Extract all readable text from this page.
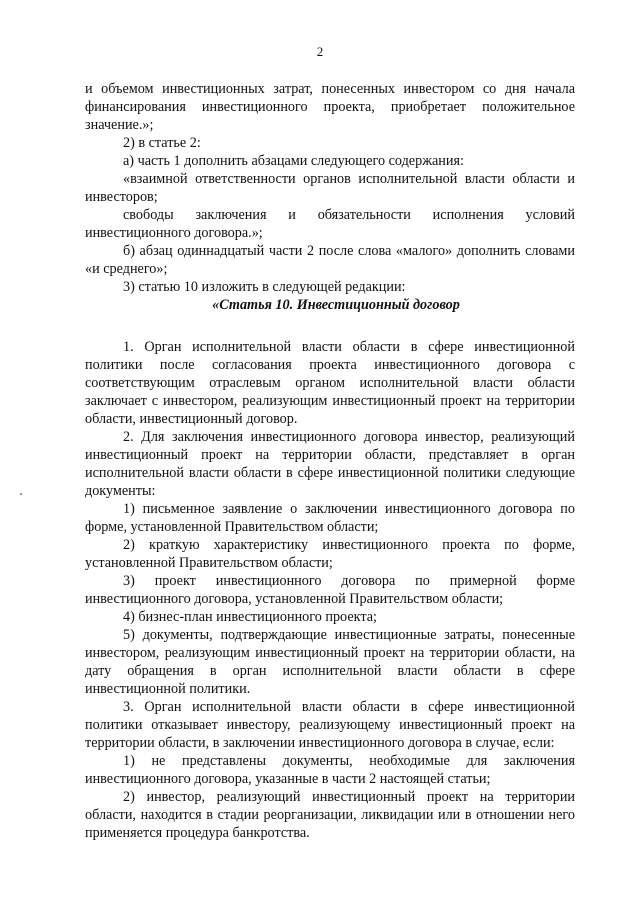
2

и объемом инвестиционных затрат, понесенных инвестором со дня начала финансирования инвестиционного проекта, приобретает положительное значение.»;

2) в статье 2:

а) часть 1 дополнить абзацами следующего содержания:

«взаимной ответственности органов исполнительной власти области и инвесторов;

свободы заключения и обязательности исполнения условий инвестиционного договора.»;

б) абзац одиннадцатый части 2 после слова «малого» дополнить словами «и среднего»;

3) статью 10 изложить в следующей редакции:

«Статья 10. Инвестиционный договор

1. Орган исполнительной власти области в сфере инвестиционной политики после согласования проекта инвестиционного договора с соответствующим отраслевым органом исполнительной власти области заключает с инвестором, реализующим инвестиционный проект на территории области, инвестиционный договор.

2. Для заключения инвестиционного договора инвестор, реализующий инвестиционный проект на территории области, представляет в орган исполнительной власти области в сфере инвестиционной политики следующие документы:

1) письменное заявление о заключении инвестиционного договора по форме, установленной Правительством области;

2) краткую характеристику инвестиционного проекта по форме, установленной Правительством области;

3) проект инвестиционного договора по примерной форме инвестиционного договора, установленной Правительством области;

4) бизнес-план инвестиционного проекта;

5) документы, подтверждающие инвестиционные затраты, понесенные инвестором, реализующим инвестиционный проект на территории области, на дату обращения в орган исполнительной власти области в сфере инвестиционной политики.

3. Орган исполнительной власти области в сфере инвестиционной политики отказывает инвестору, реализующему инвестиционный проект на территории области, в заключении инвестиционного договора в случае, если:

1) не представлены документы, необходимые для заключения инвестиционного договора, указанные в части 2 настоящей статьи;

2) инвестор, реализующий инвестиционный проект на территории области, находится в стадии реорганизации, ликвидации или в отношении него применяется процедура банкротства.
